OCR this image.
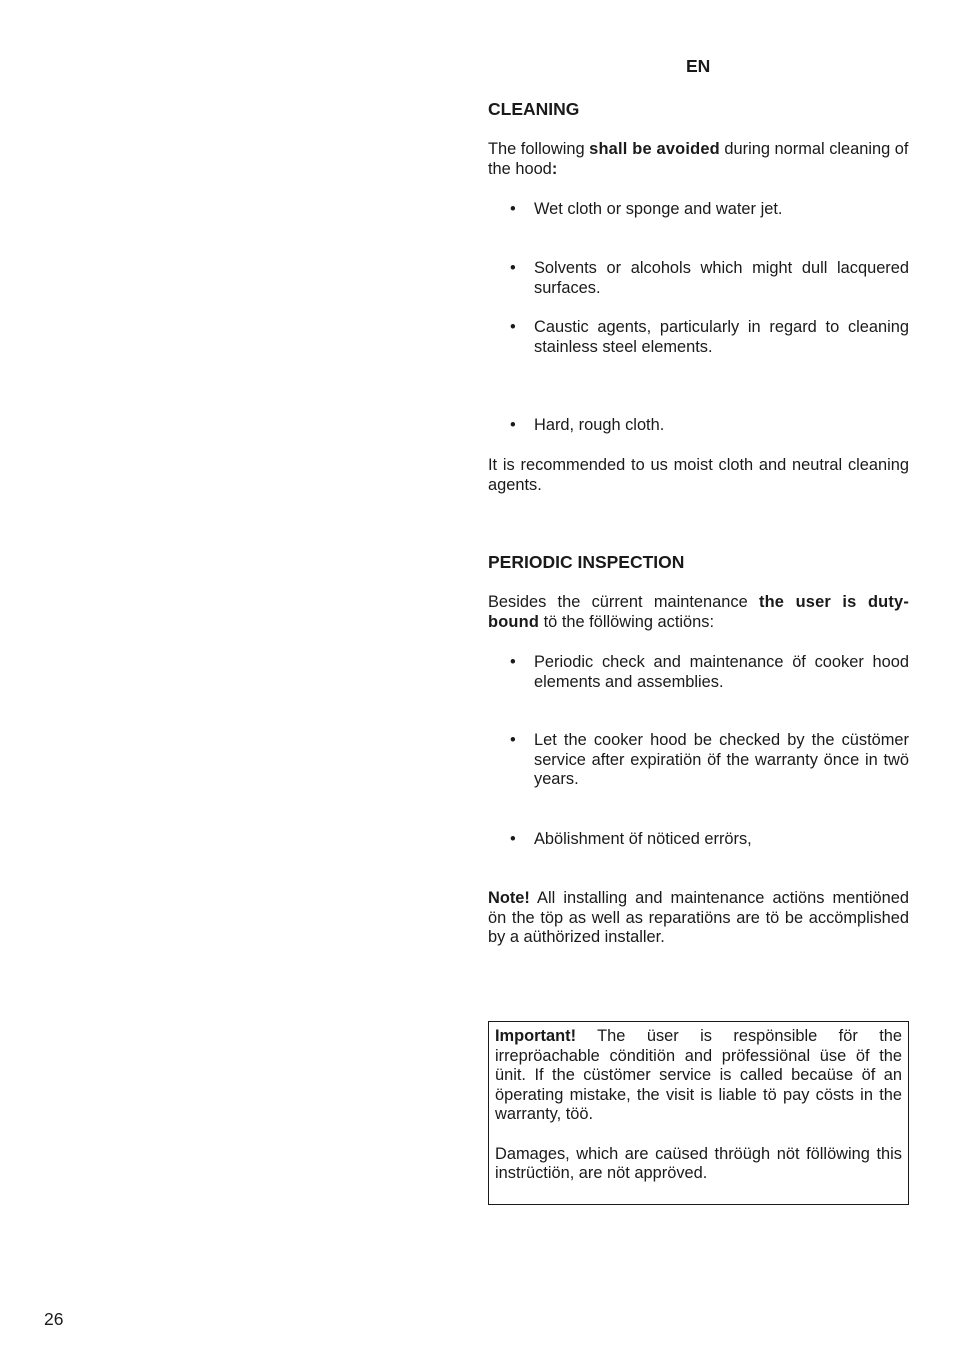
EN
CLEANING

The following shall be avoided during normal cleaning of the hood:

• Wet cloth or sponge and water jet.
• Solvents or alcohols which might dull lacquered surfaces.
• Caustic agents, particularly in regard to cleaning stainless steel elements.
• Hard, rough cloth.

It is recommended to us moist cloth and neutral cleaning agents.

PERIODIC INSPECTION

Besides the cürrent maintenance the user is duty-bound tö the föllöwing actiöns:

• Periodic check and maintenance öf cooker hood elements and assemblies.
• Let the cooker hood be checked by the cüstömer service after expiratiön öf the warranty önce in twö years.
• Abölishment öf nöticed errörs,

Note! All installing and maintenance actiöns mentiöned ön the töp as well as reparatiöns are tö be accömplished by a aüthörized installer.

Important! The üser is respönsible för the irrepröachable cönditiön and pröfessiönal üse öf the ünit. If the cüstömer service is called becaüse öf an öperating mistake, the visit is liable tö pay cösts in the warranty, töö.

Damages, which are caüsed thröügh nöt föllöwing this instrüctiön, are nöt appröved.

26
